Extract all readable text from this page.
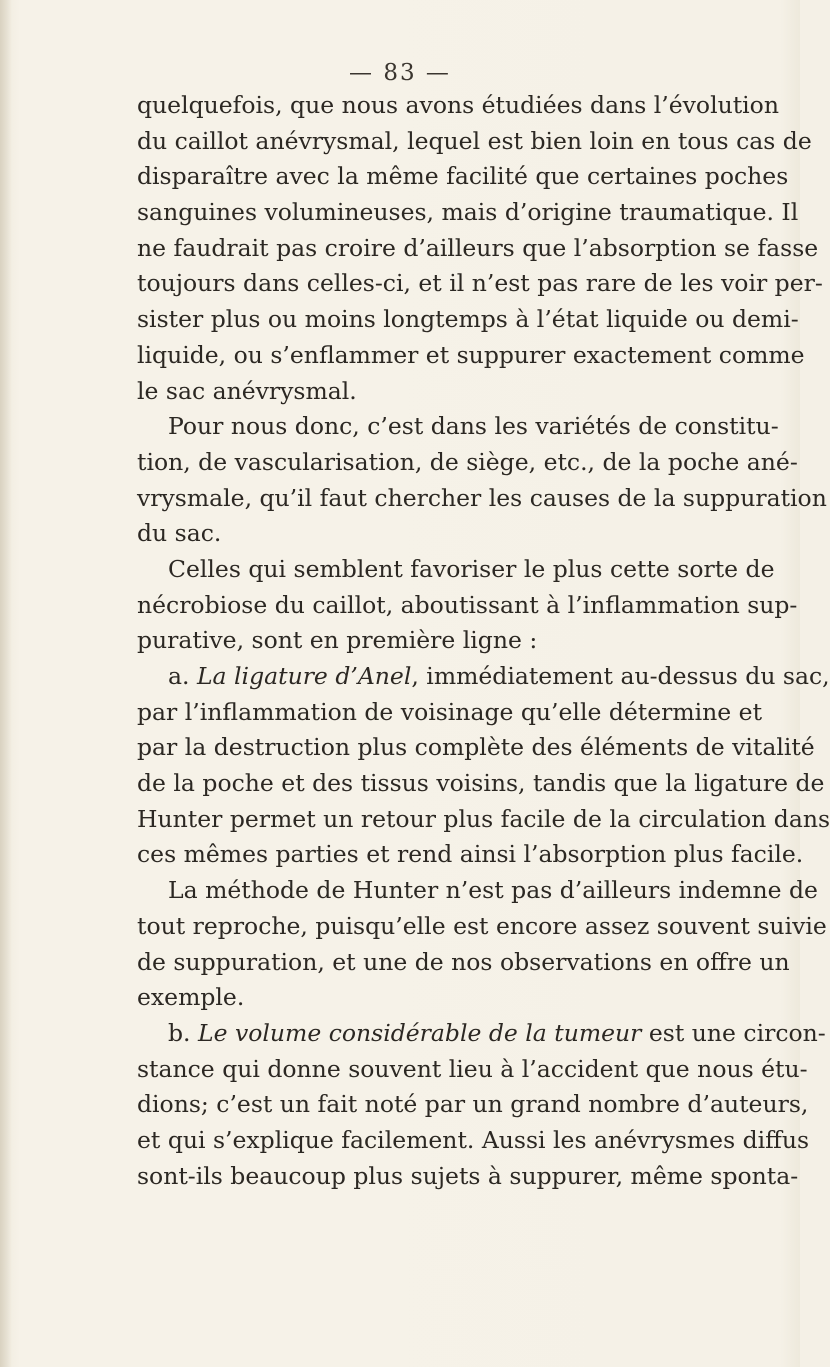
— 83 —
quelquefois, que nous avons étudiées dans l’évolution
du caillot anévrysmal, lequel est bien loin en tous cas de
disparaître avec la même facilité que certaines poches
sanguines volumineuses, mais d’origine traumatique. Il
ne faudrait pas croire d’ailleurs que l’absorption se fasse
toujours dans celles-ci, et il n’est pas rare de les voir per-
sister plus ou moins longtemps à l’état liquide ou demi-
liquide, ou s’enflammer et suppurer exactement comme
le sac anévrysmal.
Pour nous donc, c’est dans les variétés de constitu-
tion, de vascularisation, de siège, etc., de la poche ané-
vrysmale, qu’il faut chercher les causes de la suppuration
du sac.
Celles qui semblent favoriser le plus cette sorte de
nécrobiose du caillot, aboutissant à l’inflammation sup-
purative, sont en première ligne :
a. La ligature d’Anel, immédiatement au-dessus du sac,
par l’inflammation de voisinage qu’elle détermine et
par la destruction plus complète des éléments de vitalité
de la poche et des tissus voisins, tandis que la ligature de
Hunter permet un retour plus facile de la circulation dans
ces mêmes parties et rend ainsi l’absorption plus facile.
La méthode de Hunter n’est pas d’ailleurs indemne de
tout reproche, puisqu’elle est encore assez souvent suivie
de suppuration, et une de nos observations en offre un
exemple.
b. Le volume considérable de la tumeur est une circon-
stance qui donne souvent lieu à l’accident que nous étu-
dions; c’est un fait noté par un grand nombre d’auteurs,
et qui s’explique facilement. Aussi les anévrysmes diffus
sont-ils beaucoup plus sujets à suppurer, même sponta-
